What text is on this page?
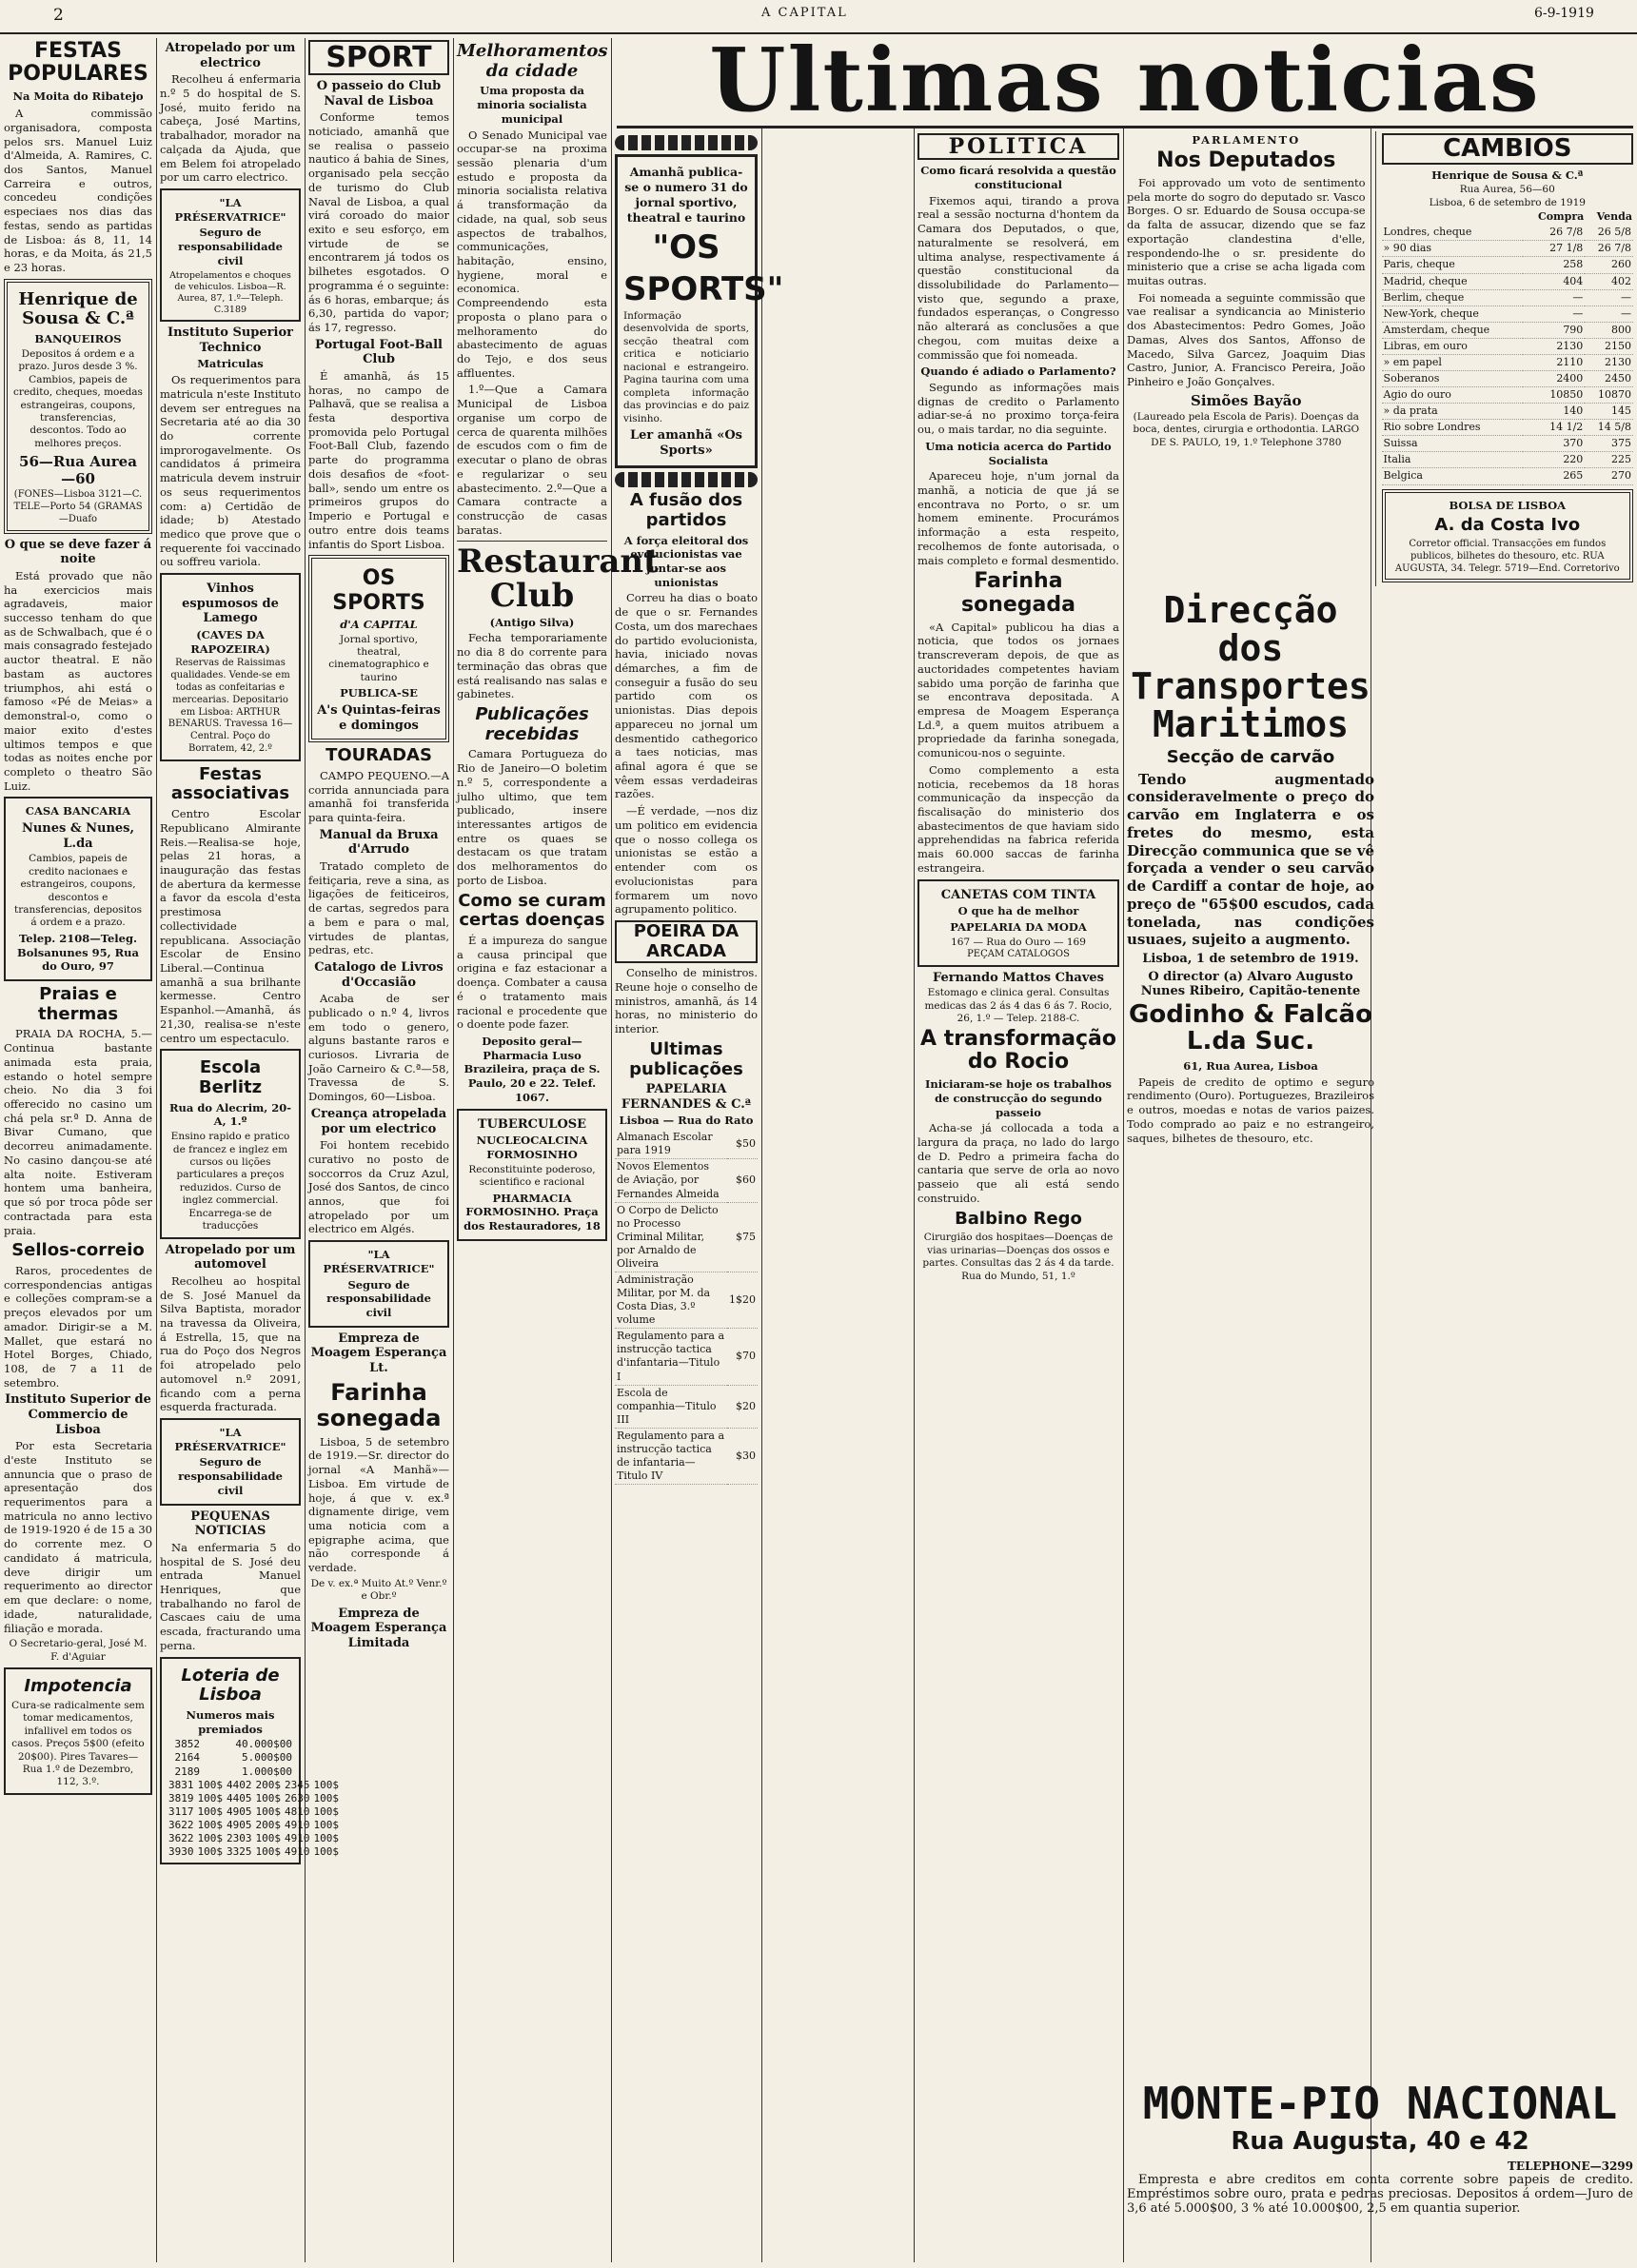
2	A CAPITAL	6-9-1919
Ultimas noticias
FESTAS POPULARES
Na Moita do Ribatejo

A commissão organisadora, composta pelos srs. Manuel Luiz d'Almeida, A. Ramires, C. dos Santos, Manuel Carreira e outros, concedeu condições especiaes nos dias das festas, sendo as partidas de Lisboa: ás 8, 11, 14 horas, e da Moita, ás 21,5 e 23 horas.

Henrique de Sousa & C.ª
BANQUEIROS
Depositos á ordem e a prazo. Juros desde 3 %. Cambios, papeis de credito, cheques, moedas estrangeiras, coupons, transferencias, descontos. Todo ao melhores preços.
56—Rua Aurea—60
(FONES—Lisboa 3121—C. TELE—Porto 54 (GRAMAS—Duafo
O que se deve fazer á noite

Está provado que não ha exercicios mais agradaveis, maior successo tenham do que as de Schwalbach, que é o mais consagrado festejado auctor theatral. E não bastam as auctores triumphos, ahi está o famoso «Pé de Meias» a demonstral-o, como o maior exito d'estes ultimos tempos e que todas as noites enche por completo o theatro São Luiz.

CASA BANCARIA
Nunes & Nunes, L.da
Cambios, papeis de credito nacionaes e estrangeiros, coupons, descontos e transferencias, depositos á ordem e a prazo.
Telep. 2108—Teleg. Bolsanunes 95, Rua do Ouro, 97
Praias e thermas

PRAIA DA ROCHA, 5.—Continua bastante animada esta praia, estando o hotel sempre cheio. No dia 3 foi offerecido no casino um chá pela sr.ª D. Anna de Bivar Cumano, que decorreu animadamente. No casino dançou-se até alta noite. Estiveram hontem uma banheira, que só por troca pôde ser contractada para esta praia.

Sellos-correio

Raros, procedentes de correspondencias antigas e colleções compram-se a preços elevados por um amador. Dirigir-se a M. Mallet, que estará no Hotel Borges, Chiado, 108, de 7 a 11 de setembro.

Instituto Superior de Commercio de Lisboa

Por esta Secretaria d'este Instituto se annuncia que o praso de apresentação dos requerimentos para a matricula no anno lectivo de 1919-1920 é de 15 a 30 do corrente mez. O candidato á matricula, deve dirigir um requerimento ao director em que declare: o nome, idade, naturalidade, filiação e morada.

O Secretario-geral, José M. F. d'Aguiar
Impotencia
Cura-se radicalmente sem tomar medicamentos, infallivel em todos os casos. Preços 5$00 (efeito 20$00). Pires Tavares—Rua 1.º de Dezembro, 112, 3.º.
Atropelado por um electrico

Recolheu á enfermaria n.º 5 do hospital de S. José, muito ferido na cabeça, José Martins, trabalhador, morador na calçada da Ajuda, que em Belem foi atropelado por um carro electrico.

"LA PRÉSERVATRICE"
Seguro de responsabilidade civil
Atropelamentos e choques de vehiculos. Lisboa—R. Aurea, 87, 1.º—Teleph. C.3189
Instituto Superior Technico
Matriculas

Os requerimentos para matricula n'este Instituto devem ser entregues na Secretaria até ao dia 30 do corrente improrogavelmente. Os candidatos á primeira matricula devem instruir os seus requerimentos com: a) Certidão de idade; b) Atestado medico que prove que o requerente foi vaccinado ou soffreu variola.

Vinhos espumosos de Lamego
(CAVES DA RAPOZEIRA)
Reservas de Raissimas qualidades. Vende-se em todas as confeitarias e mercearias. Depositario em Lisboa: ARTHUR BENARUS. Travessa 16—Central. Poço do Borratem, 42, 2.º
Festas associativas

Centro Escolar Republicano Almirante Reis.—Realisa-se hoje, pelas 21 horas, a inauguração das festas de abertura da kermesse a favor da escola d'esta prestimosa collectividade republicana. Associação Escolar de Ensino Liberal.—Continua amanhã a sua brilhante kermesse. Centro Espanhol.—Amanhã, ás 21,30, realisa-se n'este centro um espectaculo.

Escola Berlitz
Rua do Alecrim, 20-A, 1.º
Ensino rapido e pratico de francez e inglez em cursos ou lições particulares a preços reduzidos. Curso de inglez commercial. Encarrega-se de traducções
Atropelado por um automovel

Recolheu ao hospital de S. José Manuel da Silva Baptista, morador na travessa da Oliveira, á Estrella, 15, que na rua do Poço dos Negros foi atropelado pelo automovel n.º 2091, ficando com a perna esquerda fracturada.

"LA PRÉSERVATRICE"
Seguro de responsabilidade civil
PEQUENAS NOTICIAS

Na enfermaria 5 do hospital de S. José deu entrada Manuel Henriques, que trabalhando no farol de Cascaes caiu de uma escada, fracturando uma perna.

Loteria de Lisboa
Numeros mais premiados
3852	40.000$00
2164	5.000$00
2189	1.000$00
3831	100$	4402	200$	2345	100$
3819	100$	4405	100$	2630	100$
3117	100$	4905	100$	4810	100$
3622	100$	4905	200$	4910	100$
3622	100$	2303	100$	4910	100$
3930	100$	3325	100$	4910	100$
SPORT
O passeio do Club Naval de Lisboa

Conforme temos noticiado, amanhã que se realisa o passeio nautico á bahia de Sines, organisado pela secção de turismo do Club Naval de Lisboa, a qual virá coroado do maior exito e seu esforço, em virtude de se encontrarem já todos os bilhetes esgotados. O programma é o seguinte: ás 6 horas, embarque; ás 6,30, partida do vapor; ás 17, regresso.

Portugal Foot-Ball Club

É amanhã, ás 15 horas, no campo de Palhavã, que se realisa a festa desportiva promovida pelo Portugal Foot-Ball Club, fazendo parte do programma dois desafios de «foot-ball», sendo um entre os primeiros grupos do Imperio e Portugal e outro entre dois teams infantis do Sport Lisboa.

OS SPORTS
d'A CAPITAL
Jornal sportivo, theatral, cinematographico e taurino
PUBLICA-SE
A's Quintas-feiras e domingos
TOURADAS

CAMPO PEQUENO.—A corrida annunciada para amanhã foi transferida para quinta-feira.

Manual da Bruxa d'Arrudo

Tratado completo de feitiçaria, reve a sina, as ligações de feiticeiros, de cartas, segredos para a bem e para o mal, virtudes de plantas, pedras, etc.

Catalogo de Livros d'Occasião

Acaba de ser publicado o n.º 4, livros em todo o genero, alguns bastante raros e curiosos. Livraria de João Carneiro & C.ª—58, Travessa de S. Domingos, 60—Lisboa.

Creança atropelada por um electrico

Foi hontem recebido curativo no posto de soccorros da Cruz Azul, José dos Santos, de cinco annos, que foi atropelado por um electrico em Algés.

"LA PRÉSERVATRICE"
Seguro de responsabilidade civil
Empreza de Moagem Esperança Lt.
Farinha sonegada

Lisboa, 5 de setembro de 1919.—Sr. director do jornal «A Manhã»—Lisboa. Em virtude de hoje, á que v. ex.ª dignamente dirige, vem uma noticia com a epigraphe acima, que não corresponde á verdade.

De v. ex.ª Muito At.º Venr.º e Obr.º
Empreza de Moagem Esperança Limitada
Melhoramentos da cidade
Uma proposta da minoria socialista municipal

O Senado Municipal vae occupar-se na proxima sessão plenaria d'um estudo e proposta da minoria socialista relativa á transformação da cidade, na qual, sob seus aspectos de trabalhos, communicações, habitação, ensino, hygiene, moral e economica. Compreendendo esta proposta o plano para o melhoramento do abastecimento de aguas do Tejo, e dos seus affluentes.

1.º—Que a Camara Municipal de Lisboa organise um corpo de cerca de quarenta milhões de escudos com o fim de executar o plano de obras e regularizar o seu abastecimento. 2.º—Que a Camara contracte a construcção de casas baratas.

Restaurant Club
(Antigo Silva)

Fecha temporariamente no dia 8 do corrente para terminação das obras que está realisando nas salas e gabinetes.

Publicações recebidas

Camara Portugueza do Rio de Janeiro—O boletim n.º 5, correspondente a julho ultimo, que tem publicado, insere interessantes artigos de entre os quaes se destacam os que tratam dos melhoramentos do porto de Lisboa.

Como se curam certas doenças

É a impureza do sangue a causa principal que origina e faz estacionar a doença. Combater a causa é o tratamento mais racional e procedente que o doente pode fazer.

Deposito geral—Pharmacia Luso Brazileira, praça de S. Paulo, 20 e 22. Telef. 1067.
TUBERCULOSE
NUCLEOCALCINA FORMOSINHO
Reconstituinte poderoso, scientifico e racional
PHARMACIA FORMOSINHO. Praça dos Restauradores, 18
Amanhã publica-se o numero 31 do jornal sportivo, theatral e taurino
"OS SPORTS"
Informação desenvolvida de sports, secção theatral com critica e noticiario nacional e estrangeiro. Pagina taurina com uma completa informação das provincias e do paiz visinho.
Ler amanhã «Os Sports»
A fusão dos partidos
A força eleitoral dos evolucionistas vae juntar-se aos unionistas

Correu ha dias o boato de que o sr. Fernandes Costa, um dos marechaes do partido evolucionista, havia, iniciado novas démarches, a fim de conseguir a fusão do seu partido com os unionistas. Dias depois appareceu no jornal um desmentido cathegorico a taes noticias, mas afinal agora é que se vêem essas verdadeiras razões.

—É verdade, —nos diz um politico em evidencia que o nosso collega os unionistas se estão a entender com os evolucionistas para formarem um novo agrupamento politico.

POEIRA DA ARCADA

Conselho de ministros. Reune hoje o conselho de ministros, amanhã, ás 14 horas, no ministerio do interior.

Ultimas publicações
PAPELARIA FERNANDES & C.ª
Lisboa — Rua do Rato
Almanach Escolar para 1919	$50
Novos Elementos de Aviação, por Fernandes Almeida	$60
O Corpo de Delicto no Processo Criminal Militar, por Arnaldo de Oliveira	$75
Administração Militar, por M. da Costa Dias, 3.º volume	1$20
Regulamento para a instrucção tactica d'infantaria—Titulo I	$70
Escola de companhia—Titulo III	$20
Regulamento para a instrucção tactica de infantaria—Titulo IV	$30
POLITICA
Como ficará resolvida a questão constitucional

Fixemos aqui, tirando a prova real a sessão nocturna d'hontem da Camara dos Deputados, o que, naturalmente se resolverá, em ultima analyse, respectivamente á questão constitucional da dissolubilidade do Parlamento—visto que, segundo a praxe, fundados esperanças, o Congresso não alterará as conclusões a que chegou, com muitas deixe a commissão que foi nomeada.

Quando é adiado o Parlamento?

Segundo as informações mais dignas de credito o Parlamento adiar-se-á no proximo torça-feira ou, o mais tardar, no dia seguinte.

Uma noticia acerca do Partido Socialista

Apareceu hoje, n'um jornal da manhã, a noticia de que já se encontrava no Porto, o sr. um homem eminente. Procurámos informação a esta respeito, recolhemos de fonte autorisada, o mais completo e formal desmentido.

Farinha sonegada

«A Capital» publicou ha dias a noticia, que todos os jornaes transcreveram depois, de que as auctoridades competentes haviam sabido uma porção de farinha que se encontrava depositada. A empresa de Moagem Esperança Ld.ª, a quem muitos atribuem a propriedade da farinha sonegada, comunicou-nos o seguinte.

Como complemento a esta noticia, recebemos da 18 horas communicação da inspecção da fiscalisação do ministerio dos abastecimentos de que haviam sido apprehendidas na fabrica referida mais 60.000 saccas de farinha estrangeira.

CANETAS COM TINTA
O que ha de melhor
PAPELARIA DA MODA
167 — Rua do Ouro — 169
PEÇAM CATALOGOS
Fernando Mattos Chaves
Estomago e clinica geral. Consultas medicas das 2 ás 4 das 6 ás 7. Rocio, 26, 1.º — Telep. 2188-C.
A transformação do Rocio
Iniciaram-se hoje os trabalhos de construcção do segundo passeio

Acha-se já collocada a toda a largura da praça, no lado do largo de D. Pedro a primeira facha do cantaria que serve de orla ao novo passeio que ali está sendo construido.

Balbino Rego
Cirurgião dos hospitaes—Doenças de vias urinarias—Doenças dos ossos e partes. Consultas das 2 ás 4 da tarde. Rua do Mundo, 51, 1.º
PARLAMENTO
Nos Deputados

Foi approvado um voto de sentimento pela morte do sogro do deputado sr. Vasco Borges. O sr. Eduardo de Sousa occupa-se da falta de assucar, dizendo que se faz exportação clandestina d'elle, respondendo-lhe o sr. presidente do ministerio que a crise se acha ligada com muitas outras.

Foi nomeada a seguinte commissão que vae realisar a syndicancia ao Ministerio dos Abastecimentos: Pedro Gomes, João Damas, Alves dos Santos, Affonso de Macedo, Silva Garcez, Joaquim Dias Castro, Junior, A. Francisco Pereira, João Pinheiro e João Gonçalves.

Simões Bayão
(Laureado pela Escola de Paris). Doenças da boca, dentes, cirurgia e orthodontia. LARGO DE S. PAULO, 19, 1.º Telephone 3780
CAMBIOS
Henrique de Sousa & C.ª
Rua Aurea, 56—60
Lisboa, 6 de setembro de 1919
	Compra	Venda
Londres, cheque	26 7/8	26 5/8
» 90 dias	27 1/8	26 7/8
Paris, cheque	258	260
Madrid, cheque	404	402
Berlim, cheque	—	—
New-York, cheque	—	—
Amsterdam, cheque	790	800
Libras, em ouro	2130	2150
» em papel	2110	2130
Soberanos	2400	2450
Agio do ouro	10850	10870
» da prata	140	145
Rio sobre Londres	14 1/2	14 5/8
Suissa	370	375
Italia	220	225
Belgica	265	270
BOLSA DE LISBOA
A. da Costa Ivo
Corretor official. Transacções em fundos publicos, bilhetes do thesouro, etc. RUA AUGUSTA, 34. Telegr. 5719—End. Corretorivo
Direcção dos Transportes Maritimos
Secção de carvão

Tendo augmentado consideravelmente o preço do carvão em Inglaterra e os fretes do mesmo, esta Direcção communica que se vê forçada a vender o seu carvão de Cardiff a contar de hoje, ao preço de "65$00 escudos, cada tonelada, nas condições usuaes, sujeito a augmento.

Lisboa, 1 de setembro de 1919.
O director (a) Alvaro Augusto Nunes Ribeiro, Capitão-tenente
Godinho & Falcão L.da Suc.
61, Rua Aurea, Lisboa

Papeis de credito de optimo e seguro rendimento (Ouro). Portuguezes, Brazileiros e outros, moedas e notas de varios paizes. Todo comprado ao paiz e no estrangeiro, saques, bilhetes de thesouro, etc.

MONTE-PIO NACIONAL
Rua Augusta, 40 e 42
TELEPHONE—3299

Empresta e abre creditos em conta corrente sobre papeis de credito. Empréstimos sobre ouro, prata e pedras preciosas. Depositos á ordem—Juro de 3,6 até 5.000$00, 3 % até 10.000$00, 2,5 em quantia superior.
